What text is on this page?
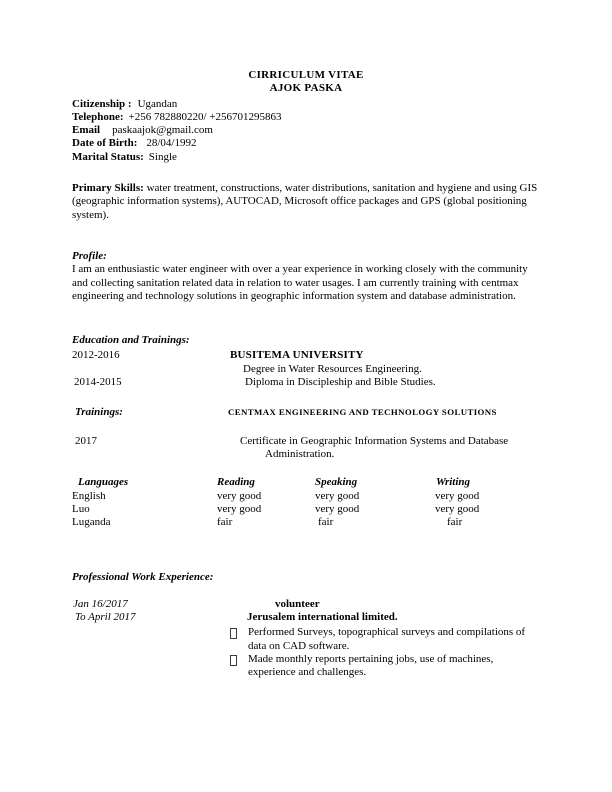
CIRRICULUM VITAE
AJOK PASKA
Citizenship : Ugandan
Telephone: +256 782880220/ +256701295863
Email paskaajok@gmail.com
Date of Birth: 28/04/1992
Marital Status: Single

Primary Skills: water treatment, constructions, water distributions, sanitation and hygiene and using GIS (geographic information systems), AUTOCAD, Microsoft office packages and GPS (global positioning system).

Profile:
I am an enthusiastic water engineer with over a year experience in working closely with the community and collecting sanitation related data in relation to water usages. I am currently training with centmax engineering and technology solutions in geographic information system and database administration.
Education and Trainings:
2012-2016	BUSITEMA UNIVERSITY
Degree in Water Resources Engineering.
2014-2015	Diploma in Discipleship and Bible Studies.
Trainings:	CENTMAX ENGINEERING AND TECHNOLOGY SOLUTIONS
2017	Certificate in Geographic Information Systems and Database Administration.
Languages	Reading	Speaking	Writing
English	very good	very good	very good
Luo	very good	very good	very good
Luganda	fair	fair	fair
Professional Work Experience:
Jan 16/2017	volunteer
To April 2017	Jerusalem international limited.
Performed Surveys, topographical surveys and compilations of data on CAD software.
Made monthly reports pertaining jobs, use of machines, experience and challenges.
